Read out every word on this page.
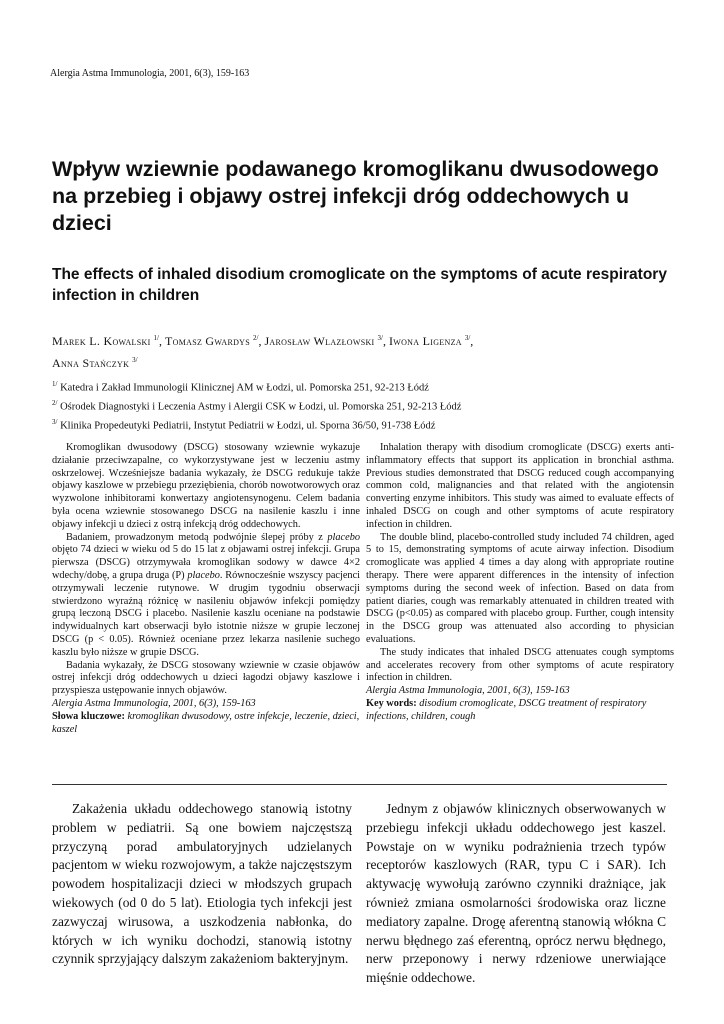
Alergia Astma Immunologia, 2001, 6(3), 159-163
Wpływ wziewnie podawanego kromoglikanu dwusodowego na przebieg i objawy ostrej infekcji dróg oddechowych u dzieci
The effects of inhaled disodium cromoglicate on the symptoms of acute respiratory infection in children
Marek L. Kowalski $^{1/}$, Tomasz Gwardys $^{2/}$, Jarosław Wlazłowski $^{3/}$, Iwona Ligenza $^{3/}$,
Anna Stańczyk $^{3/}$
$^{1/}$ Katedra i Zakład Immunologii Klinicznej AM w Łodzi, ul. Pomorska 251, 92-213 Łódź
$^{2/}$ Ośrodek Diagnostyki i Leczenia Astmy i Alergii CSK w Łodzi, ul. Pomorska 251, 92-213 Łódź
$^{3/}$ Klinika Propedeutyki Pediatrii, Instytut Pediatrii w Łodzi, ul. Sporna 36/50, 91-738 Łódź

Kromoglikan dwusodowy (DSCG) stosowany wziewnie wykazuje działanie przeciwzapalne, co wykorzystywane jest w leczeniu astmy oskrzelowej. Wcześniejsze badania wykazały, że DSCG redukuje także objawy kaszlowe w przebiegu przeziębienia, chorób nowotworowych oraz wyzwolone inhibitorami konwertazy angiotensynogenu. Celem badania była ocena wziewnie stosowanego DSCG na nasilenie kaszlu i inne objawy infekcji u dzieci z ostrą infekcją dróg oddechowych.

Badaniem, prowadzonym metodą podwójnie ślepej próby z placebo objęto 74 dzieci w wieku od 5 do 15 lat z objawami ostrej infekcji. Grupa pierwsza (DSCG) otrzymywała kromoglikan sodowy w dawce 4×2 wdechy/dobę, a grupa druga (P) placebo. Równocześnie wszyscy pacjenci otrzymywali leczenie rutynowe. W drugim tygodniu obserwacji stwierdzono wyraźną różnicę w nasileniu objawów infekcji pomiędzy grupą leczoną DSCG i placebo. Nasilenie kaszlu oceniane na podstawie indywidualnych kart obserwacji było istotnie niższe w grupie leczonej DSCG (p < 0.05). Również oceniane przez lekarza nasilenie suchego kaszlu było niższe w grupie DSCG.

Badania wykazały, że DSCG stosowany wziewnie w czasie objawów ostrej infekcji dróg oddechowych u dzieci łagodzi objawy kaszlowe i przyspiesza ustępowanie innych objawów.

Alergia Astma Immunologia, 2001, 6(3), 159-163

Słowa kluczowe: kromoglikan dwusodowy, ostre infekcje, leczenie, dzieci, kaszel

Inhalation therapy with disodium cromoglicate (DSCG) exerts anti-inflammatory effects that support its application in bronchial asthma. Previous studies demonstrated that DSCG reduced cough accompanying common cold, malignancies and that related with the angiotensin converting enzyme inhibitors. This study was aimed to evaluate effects of inhaled DSCG on cough and other symptoms of acute respiratory infection in children.

The double blind, placebo-controlled study included 74 children, aged 5 to 15, demonstrating symptoms of acute airway infection. Disodium cromoglicate was applied 4 times a day along with appropriate routine therapy. There were apparent differences in the intensity of infection symptoms during the second week of infection. Based on data from patient diaries, cough was remarkably attenuated in children treated with DSCG (p<0.05) as compared with placebo group. Further, cough intensity in the DSCG group was attenuated also according to physician evaluations.

The study indicates that inhaled DSCG attenuates cough symptoms and accelerates recovery from other symptoms of acute respiratory infection in children.

Alergia Astma Immunologia, 2001, 6(3), 159-163

Key words: disodium cromoglicate, DSCG treatment of respiratory infections, children, cough

Zakażenia układu oddechowego stanowią istotny problem w pediatrii. Są one bowiem najczęstszą przyczyną porad ambulatoryjnych udzielanych pacjentom w wieku rozwojowym, a także najczęstszym powodem hospitalizacji dzieci w młodszych grupach wiekowych (od 0 do 5 lat). Etiologia tych infekcji jest zazwyczaj wirusowa, a uszkodzenia nabłonka, do których w ich wyniku dochodzi, stanowią istotny czynnik sprzyjający dalszym zakażeniom bakteryjnym.

Jednym z objawów klinicznych obserwowanych w przebiegu infekcji układu oddechowego jest kaszel. Powstaje on w wyniku podrażnienia trzech typów receptorów kaszlowych (RAR, typu C i SAR). Ich aktywację wywołują zarówno czynniki drażniące, jak również zmiana osmolarności środowiska oraz liczne mediatory zapalne. Drogę aferentną stanowią włókna C nerwu błędnego zaś eferentną, oprócz nerwu błędnego, nerw przeponowy i nerwy rdzeniowe unerwiające mięśnie oddechowe.
